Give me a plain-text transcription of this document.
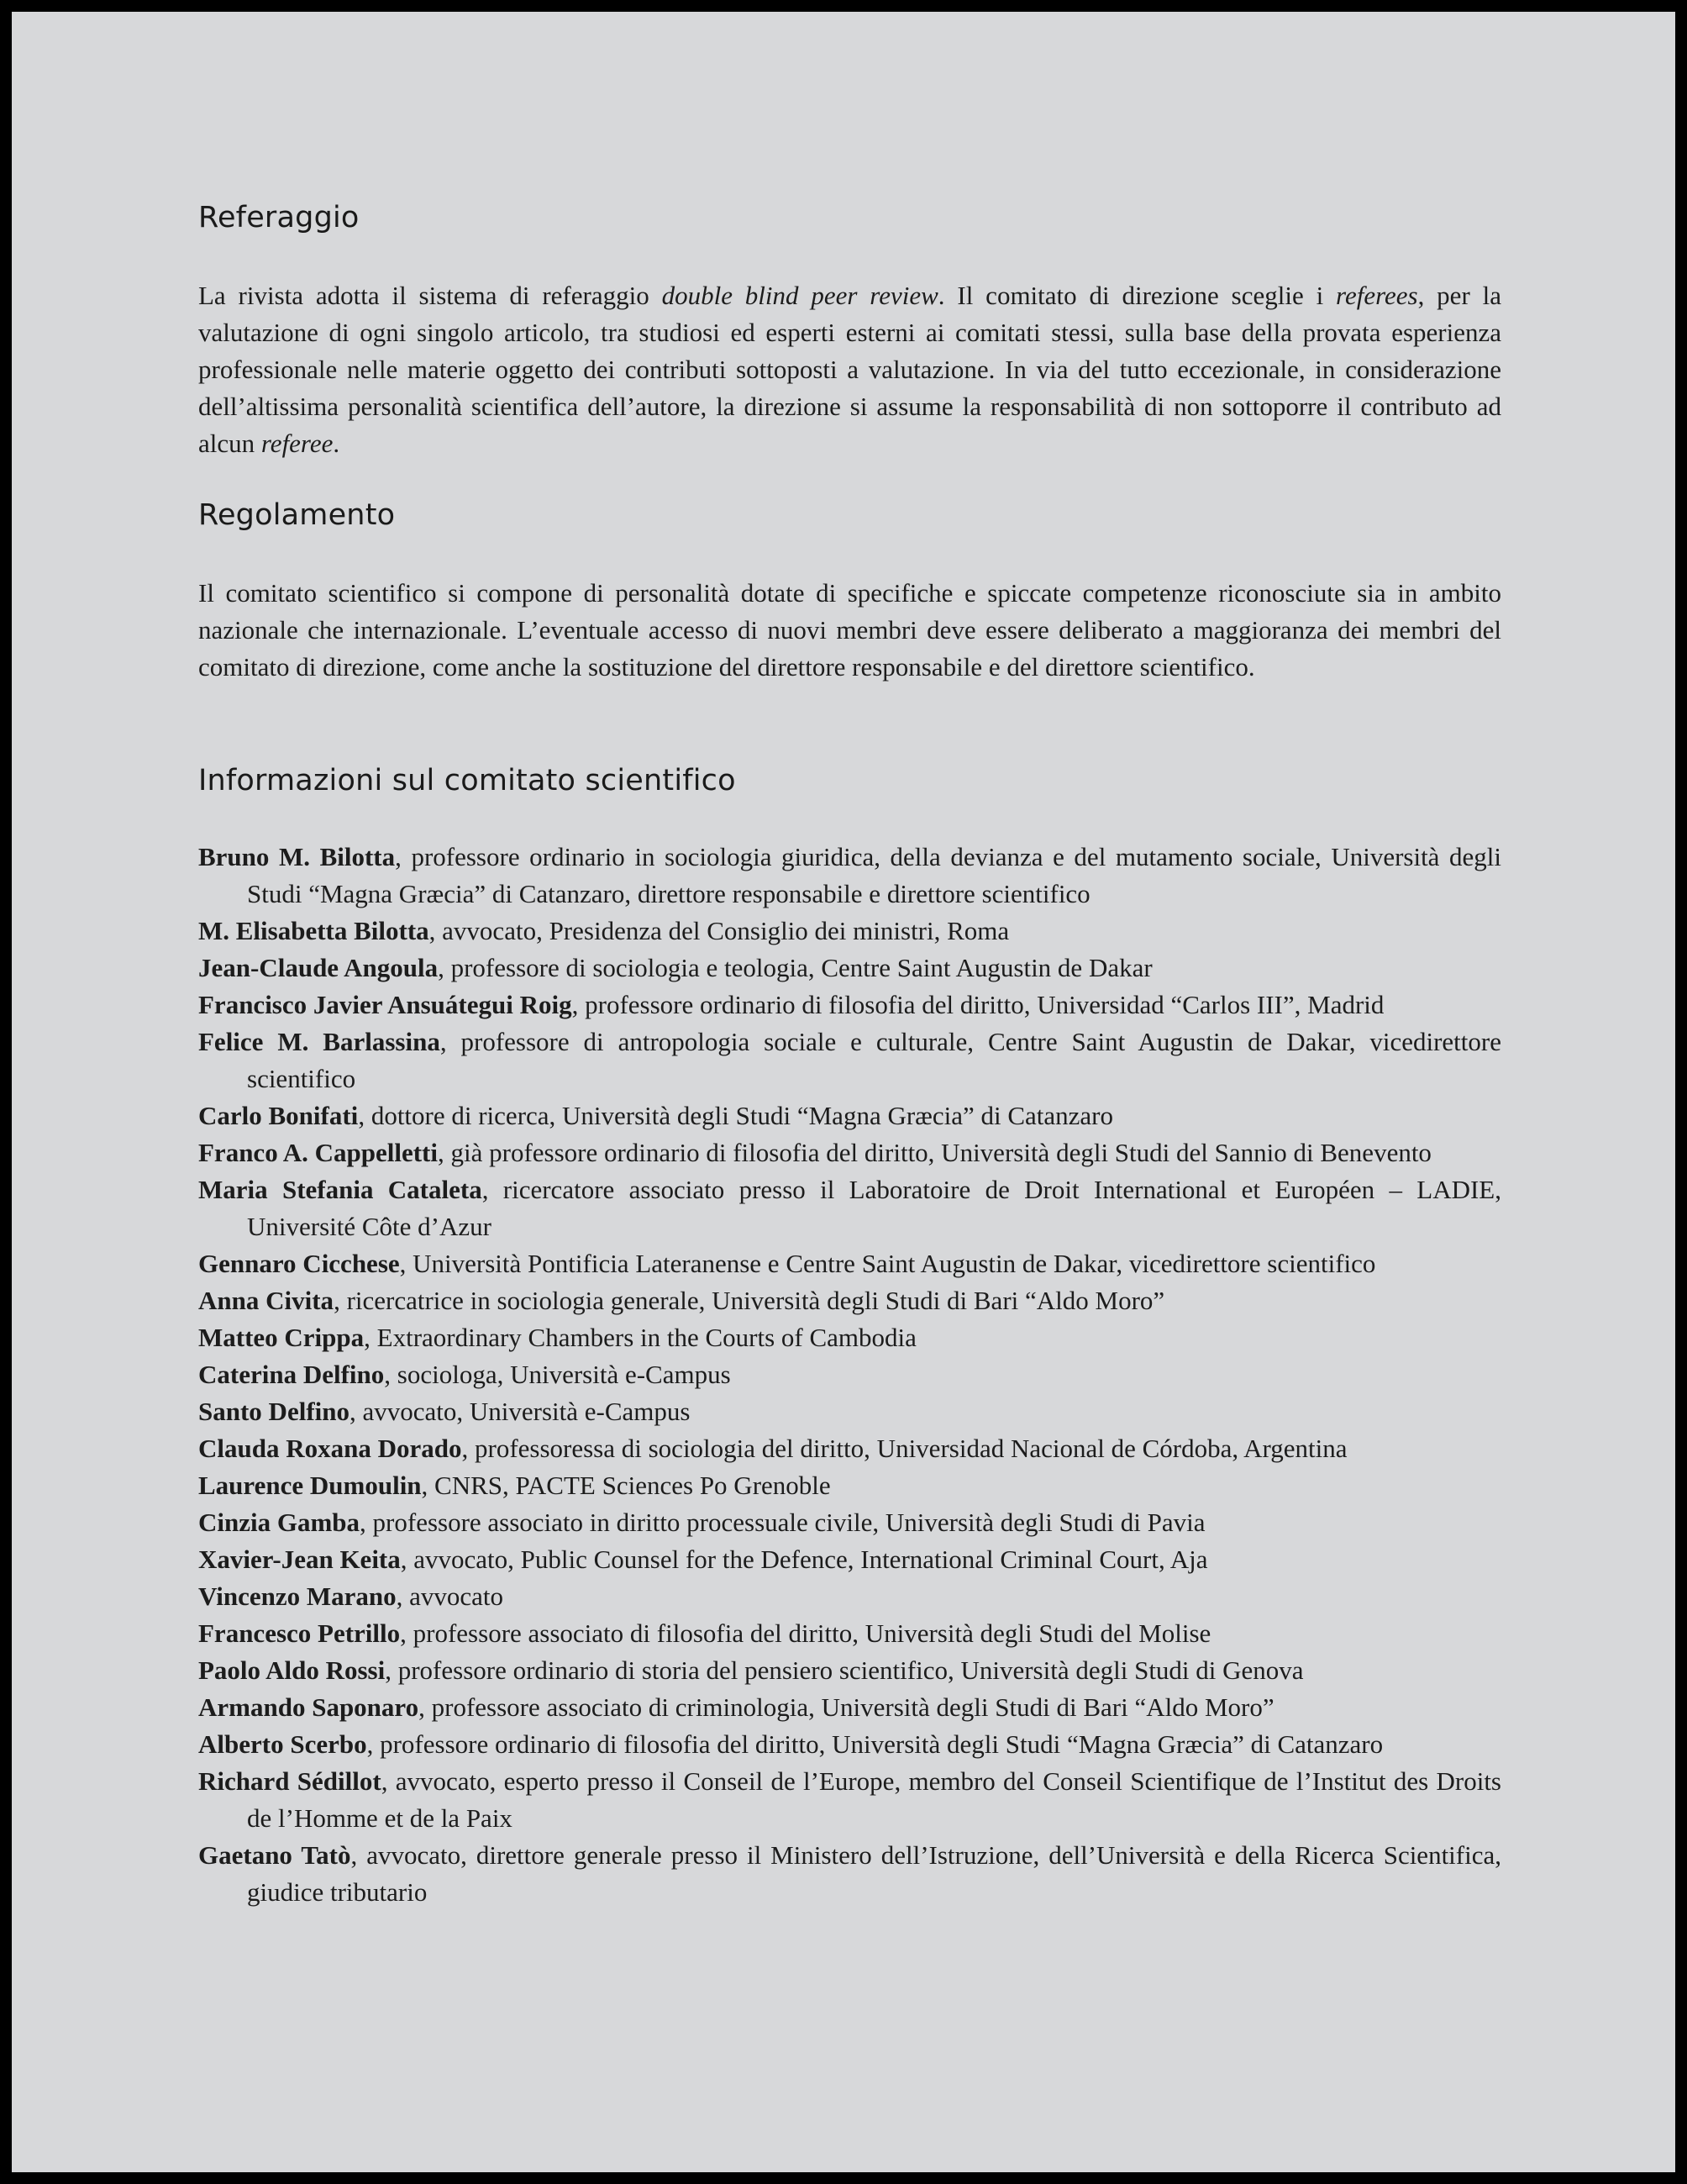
Referaggio

La rivista adotta il sistema di referaggio double blind peer review. Il comitato di direzione sceglie i referees, per la valutazione di ogni singolo articolo, tra studiosi ed esperti esterni ai comitati stessi, sulla base della provata esperienza professionale nelle materie oggetto dei contributi sottoposti a valutazione. In via del tutto eccezionale, in considerazione dell’altissima personalità scientifica dell’autore, la direzione si assume la responsabilità di non sottoporre il contributo ad alcun referee.

Regolamento

Il comitato scientifico si compone di personalità dotate di specifiche e spiccate competenze riconosciute sia in ambito nazionale che internazionale. L’eventuale accesso di nuovi membri deve essere deliberato a maggioranza dei membri del comitato di direzione, come anche la sostituzione del direttore responsabile e del direttore scientifico.

Informazioni sul comitato scientifico
Bruno M. Bilotta, professore ordinario in sociologia giuridica, della devianza e del mutamento sociale, Università degli Studi “Magna Græcia” di Catanzaro, direttore responsabile e direttore scientifico
M. Elisabetta Bilotta, avvocato, Presidenza del Consiglio dei ministri, Roma
Jean-Claude Angoula, professore di sociologia e teologia, Centre Saint Augustin de Dakar
Francisco Javier Ansuátegui Roig, professore ordinario di filosofia del diritto, Universidad “Carlos III”, Madrid
Felice M. Barlassina, professore di antropologia sociale e culturale, Centre Saint Augustin de Dakar, vicedirettore scientifico
Carlo Bonifati, dottore di ricerca, Università degli Studi “Magna Græcia” di Catanzaro
Franco A. Cappelletti, già professore ordinario di filosofia del diritto, Università degli Studi del Sannio di Benevento
Maria Stefania Cataleta, ricercatore associato presso il Laboratoire de Droit International et Européen – LADIE, Université Côte d’Azur
Gennaro Cicchese, Università Pontificia Lateranense e Centre Saint Augustin de Dakar, vicedirettore scientifico
Anna Civita, ricercatrice in sociologia generale, Università degli Studi di Bari “Aldo Moro”
Matteo Crippa, Extraordinary Chambers in the Courts of Cambodia
Caterina Delfino, sociologa, Università e-Campus
Santo Delfino, avvocato, Università e-Campus
Clauda Roxana Dorado, professoressa di sociologia del diritto, Universidad Nacional de Córdoba, Argentina
Laurence Dumoulin, CNRS, PACTE Sciences Po Grenoble
Cinzia Gamba, professore associato in diritto processuale civile, Università degli Studi di Pavia
Xavier-Jean Keita, avvocato, Public Counsel for the Defence, International Criminal Court, Aja
Vincenzo Marano, avvocato
Francesco Petrillo, professore associato di filosofia del diritto, Università degli Studi del Molise
Paolo Aldo Rossi, professore ordinario di storia del pensiero scientifico, Università degli Studi di Genova
Armando Saponaro, professore associato di criminologia, Università degli Studi di Bari “Aldo Moro”
Alberto Scerbo, professore ordinario di filosofia del diritto, Università degli Studi “Magna Græcia” di Catanzaro
Richard Sédillot, avvocato, esperto presso il Conseil de l’Europe, membro del Conseil Scientifique de l’Institut des Droits de l’Homme et de la Paix
Gaetano Tatò, avvocato, direttore generale presso il Ministero dell’Istruzione, dell’Università e della Ricerca Scientifica, giudice tributario
